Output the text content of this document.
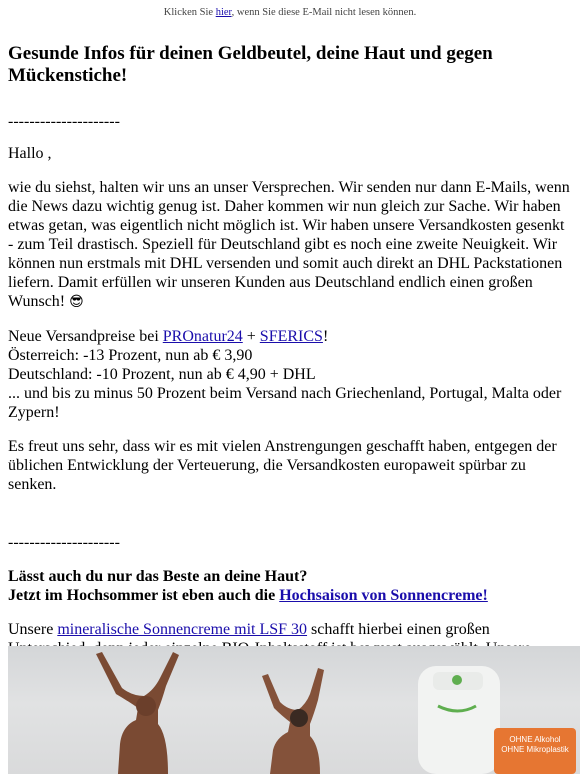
Klicken Sie hier, wenn Sie diese E-Mail nicht lesen können.
Gesunde Infos für deinen Geldbeutel, deine Haut und gegen Mückenstiche!

---------------------

Hallo ,

wie du siehst, halten wir uns an unser Versprechen. Wir senden nur dann E-Mails, wenn die News dazu wichtig genug ist. Daher kommen wir nun gleich zur Sache. Wir haben etwas getan, was eigentlich nicht möglich ist. Wir haben unsere Versandkosten gesenkt - zum Teil drastisch. Speziell für Deutschland gibt es noch eine zweite Neuigkeit. Wir können nun erstmals mit DHL versenden und somit auch direkt an DHL Packstationen liefern. Damit erfüllen wir unseren Kunden aus Deutschland endlich einen großen Wunsch! 😎

Neue Versandpreise bei PROnatur24 + SFERICS!
Österreich: -13 Prozent, nun ab € 3,90
Deutschland: -10 Prozent, nun ab € 4,90 + DHL
... und bis zu minus 50 Prozent beim Versand nach Griechenland, Portugal, Malta oder Zypern!

Es freut uns sehr, dass wir es mit vielen Anstrengungen geschafft haben, entgegen der üblichen Entwicklung der Verteuerung, die Versandkosten europaweit spürbar zu senken.

---------------------

Lässt auch du nur das Beste an deine Haut?
Jetzt im Hochsommer ist eben auch die Hochsaison von Sonnencreme!

Unsere mineralische Sonnencreme mit LSF 30 schafft hierbei einen großen

OHNE Alkohol
OHNE Mikroplastik
